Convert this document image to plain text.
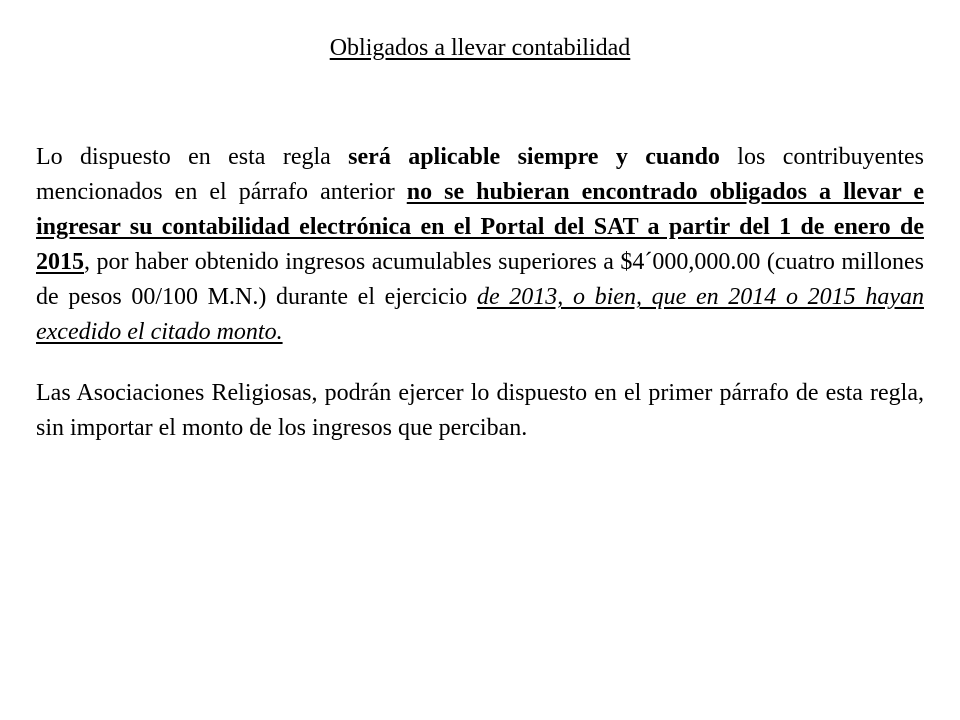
Obligados a llevar contabilidad

Lo dispuesto en esta regla será aplicable siempre y cuando los contribuyentes mencionados en el párrafo anterior no se hubieran encontrado obligados a llevar e ingresar su contabilidad electrónica en el Portal del SAT a partir del 1 de enero de 2015, por haber obtenido ingresos acumulables superiores a $4´000,000.00 (cuatro millones de pesos 00/100 M.N.) durante el ejercicio de 2013, o bien, que en 2014 o 2015 hayan excedido el citado monto.

Las Asociaciones Religiosas, podrán ejercer lo dispuesto en el primer párrafo de esta regla, sin importar el monto de los ingresos que perciban.
